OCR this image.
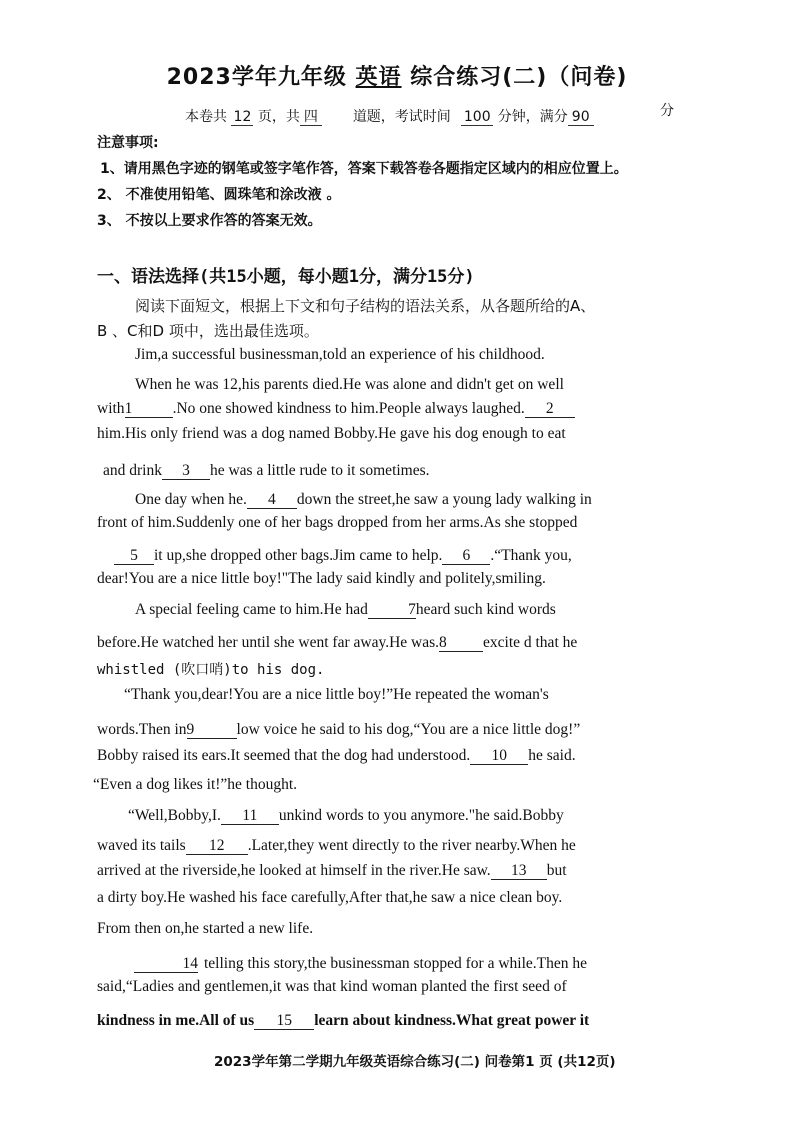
2023学年九年级 英语 综合练习(二)（问卷)
本卷共 12 页，共 四 道题，考试时间 100 分钟，满分 90	分
注意事项:
1、请用黑色字迹的钢笔或签字笔作答，答案下载答卷各题指定区域内的相应位置上。
2、 不准使用铅笔、圆珠笔和涂改液 。
3、 不按以上要求作答的答案无效。
一、语法选择(共15小题，每小题1分，满分15分)
阅读下面短文，根据上下文和句子结构的语法关系，从各题所给的A、
B 、C和D 项中，选出最佳选项。
Jim,a successful businessman,told an experience of his childhood.
When he was 12,his parents died.He was alone and didn't get on well
with1	.No one showed kindness to him.People always laughed. 2
him.His only friend was a dog named Bobby.He gave his dog enough to eat
and drink 3 he was a little rude to it sometimes.
One day when he. 4 down the street,he saw a young lady walking in
front of him.Suddenly one of her bags dropped from her arms.As she stopped
5 it up,she dropped other bags.Jim came to help. 6 .“Thank you,
dear!You are a nice little boy!"The lady said kindly and politely,smiling.
A special feeling came to him.He had	7heard such kind words
before.He watched her until she went far away.He was.8 excite d that he
whistled (吹口哨)to his dog.
“Thank you,dear!You are a nice little boy!”He repeated the woman's
words.Then in9	low voice he said to his dog,“You are a nice little dog!”
Bobby raised its ears.It seemed that the dog had understood. 10 he said.
“Even a dog likes it!”he thought.
“Well,Bobby,I. 11 unkind words to you anymore."he said.Bobby
waved its tails 12 .Later,they went directly to the river nearby.When he
arrived at the riverside,he looked at himself in the river.He saw. 13 but
a dirty boy.He washed his face carefully,After that,he saw a nice clean boy.
From then on,he started a new life.
14 telling this story,the businessman stopped for a while.Then he
said,“Ladies and gentlemen,it was that kind woman planted the first seed of
kindness in me.All of us 15 learn about kindness.What great power it
2023学年第二学期九年级英语综合练习(二) 问卷第1 页 (共12页)
